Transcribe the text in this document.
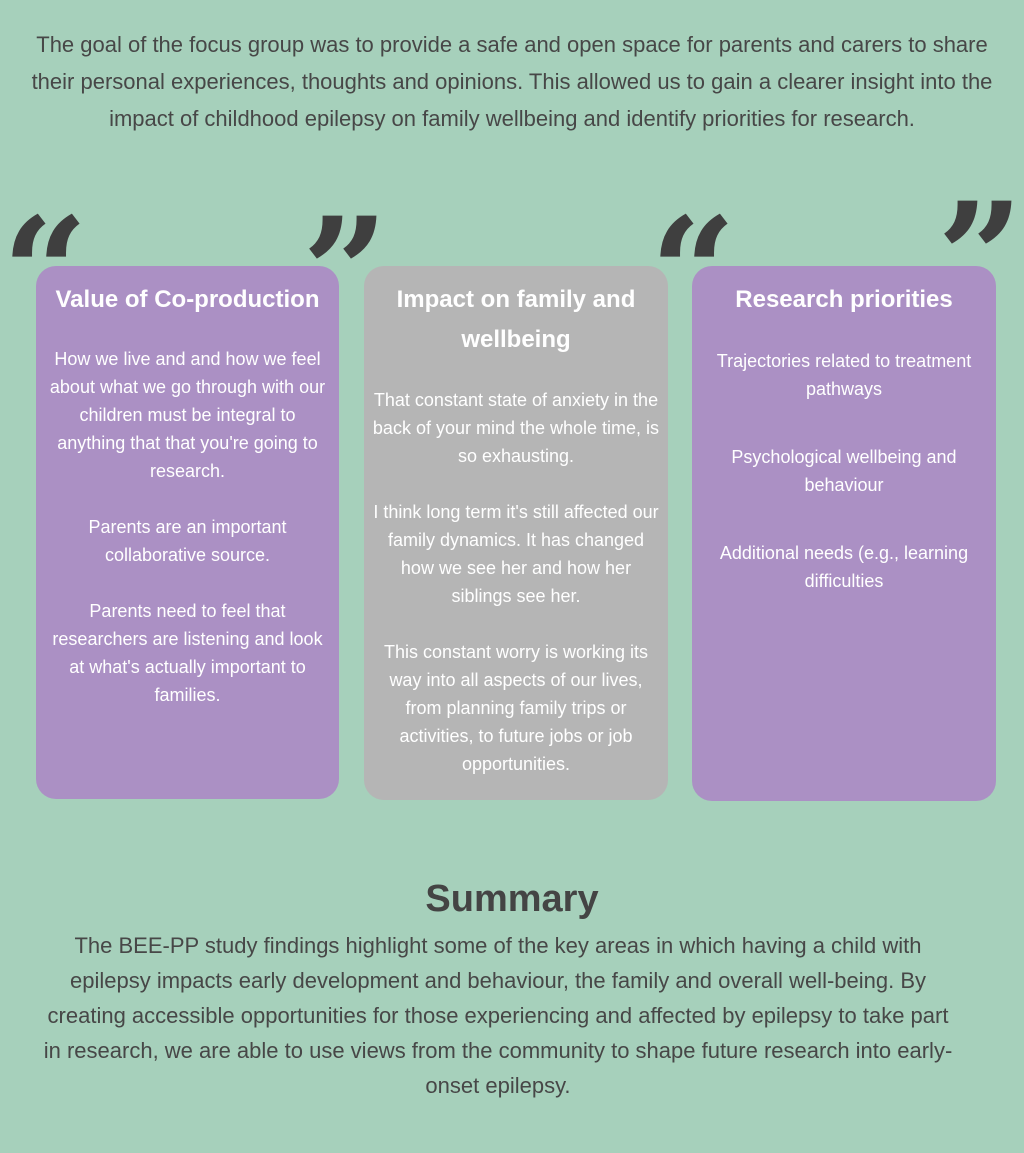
The goal of the focus group was to provide a safe and open space for parents and carers to share their personal experiences, thoughts and opinions. This allowed us to gain a clearer insight into the impact of childhood epilepsy on family wellbeing and identify priorities for research.

Value of Co-production

How we live and and how we feel about what we go through with our children must be integral to anything that that you're going to research.

Parents are an important collaborative source.

Parents need to feel that researchers are listening and look at what's actually important to families.

Impact on family and wellbeing

That constant state of anxiety in the back of your mind the whole time, is so exhausting.

I think long term it's still affected our family dynamics. It has changed how we see her and how her siblings see her.

This constant worry is working its way into all aspects of our lives, from planning family trips or activities, to future jobs or job opportunities.

Research priorities

Trajectories related to treatment pathways

Psychological wellbeing and behaviour

Additional needs (e.g., learning difficulties

“ ” “ ”
Summary

The BEE-PP study findings highlight some of the key areas in which having a child with epilepsy impacts early development and behaviour, the family and overall well-being. By creating accessible opportunities for those experiencing and affected by epilepsy to take part in research, we are able to use views from the community to shape future research into early-onset epilepsy.
